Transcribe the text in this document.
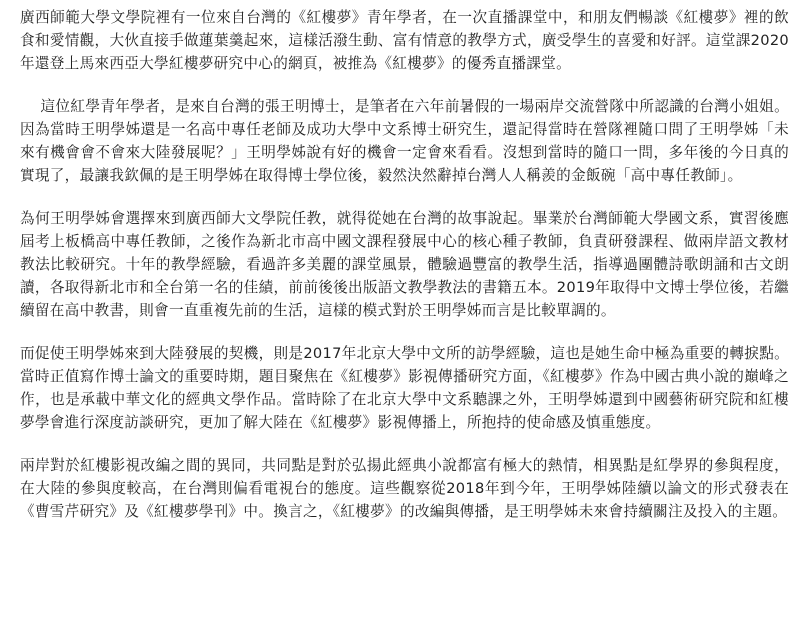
廣西師範大學文學院裡有一位來自台灣的《紅樓夢》青年學者，在一次直播課堂中，和朋友們暢談《紅樓夢》裡的飲食和愛情觀，大伙直接手做蓮葉羹起來，這樣活潑生動、富有情意的教學方式，廣受學生的喜愛和好評。這堂課2020年還登上馬來西亞大學紅樓夢研究中心的網頁，被推為《紅樓夢》的優秀直播課堂。

這位紅學青年學者，是來自台灣的張王明博士，是筆者在六年前暑假的一場兩岸交流營隊中所認識的台灣小姐姐。因為當時王明學姊還是一名高中專任老師及成功大學中文系博士研究生，還記得當時在營隊裡隨口問了王明學姊「未來有機會會不會來大陸發展呢？」王明學姊說有好的機會一定會來看看。沒想到當時的隨口一問，多年後的今日真的實現了，最讓我欽佩的是王明學姊在取得博士學位後，毅然決然辭掉台灣人人稱羨的金飯碗「高中專任教師」。

為何王明學姊會選擇來到廣西師大文學院任教，就得從她在台灣的故事說起。畢業於台灣師範大學國文系，實習後應屆考上板橋高中專任教師，之後作為新北市高中國文課程發展中心的核心種子教師，負責研發課程、做兩岸語文教材教法比較研究。十年的教學經驗，看過許多美麗的課堂風景，體驗過豐富的教學生活，指導過團體詩歌朗誦和古文朗讀，各取得新北市和全台第一名的佳績，前前後後出版語文教學教法的書籍五本。2019年取得中文博士學位後，若繼續留在高中教書，則會一直重複先前的生活，這樣的模式對於王明學姊而言是比較單調的。

而促使王明學姊來到大陸發展的契機，則是2017年北京大學中文所的訪學經驗，這也是她生命中極為重要的轉捩點。當時正值寫作博士論文的重要時期，題目聚焦在《紅樓夢》影視傳播研究方面，《紅樓夢》作為中國古典小說的巔峰之作，也是承載中華文化的經典文學作品。當時除了在北京大學中文系聽課之外，王明學姊還到中國藝術研究院和紅樓夢學會進行深度訪談研究，更加了解大陸在《紅樓夢》影視傳播上，所抱持的使命感及慎重態度。

兩岸對於紅樓影視改編之間的異同，共同點是對於弘揚此經典小說都富有極大的熱情，相異點是紅學界的參與程度，在大陸的參與度較高，在台灣則偏看電視台的態度。這些觀察從2018年到今年，王明學姊陸續以論文的形式發表在《曹雪芹研究》及《紅樓夢學刊》中。換言之，《紅樓夢》的改編與傳播，是王明學姊未來會持續關注及投入的主題。
